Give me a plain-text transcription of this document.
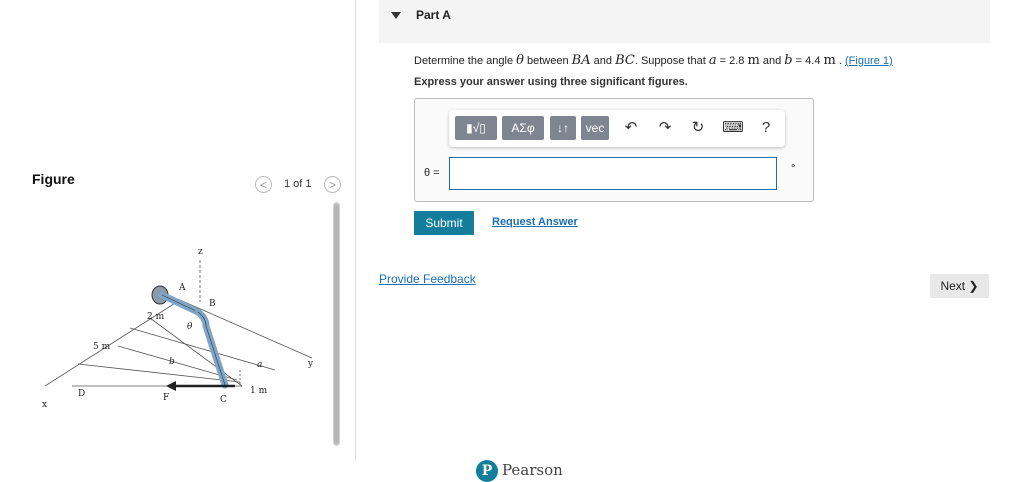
Figure	<	1 of 1	>
z
A
B
C
D	F
x
y
θ
a
b
2 m
5 m
1 m
Part A
Determine the angle θ between BA and BC. Suppose that a = 2.8 m and b = 4.4 m . (Figure 1)
Express your answer using three significant figures.
▮√▯	ΑΣφ	↓↑	vec	↶ ↷ ↻ ⌨	?
θ =	°
Submit	Request Answer
Provide Feedback	Next ❯
P Pearson
